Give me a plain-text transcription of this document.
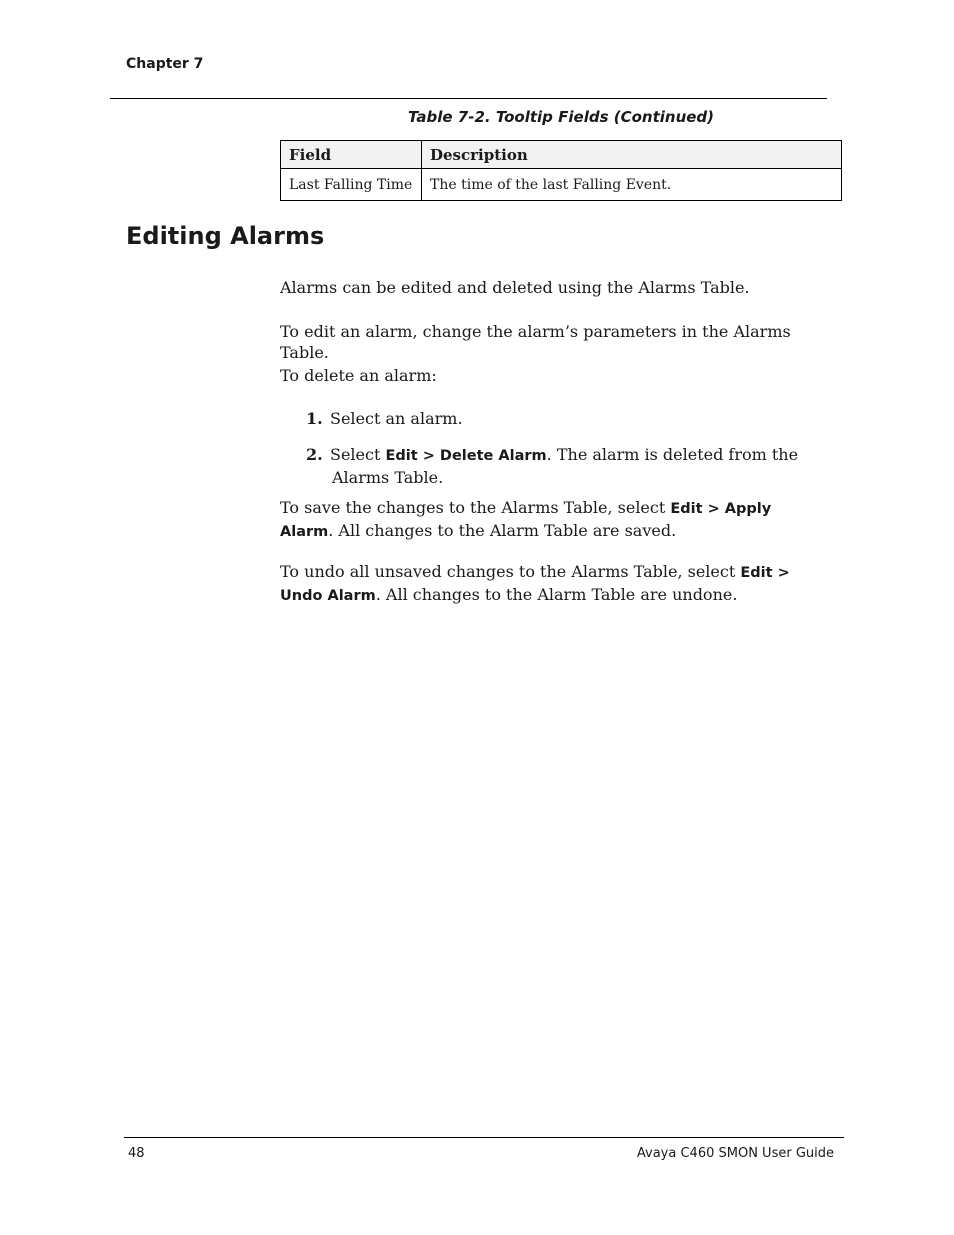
Chapter 7
Table 7-2. Tooltip Fields (Continued)
Field	Description
Last Falling Time	The time of the last Falling Event.
Editing Alarms

Alarms can be edited and deleted using the Alarms Table.

To edit an alarm, change the alarm’s parameters in the Alarms Table.

To delete an alarm:

1. Select an alarm.
2. Select Edit > Delete Alarm. The alarm is deleted from the Alarms Table.

To save the changes to the Alarms Table, select Edit > Apply Alarm. All changes to the Alarm Table are saved.

To undo all unsaved changes to the Alarms Table, select Edit > Undo Alarm. All changes to the Alarm Table are undone.

48	Avaya C460 SMON User Guide
